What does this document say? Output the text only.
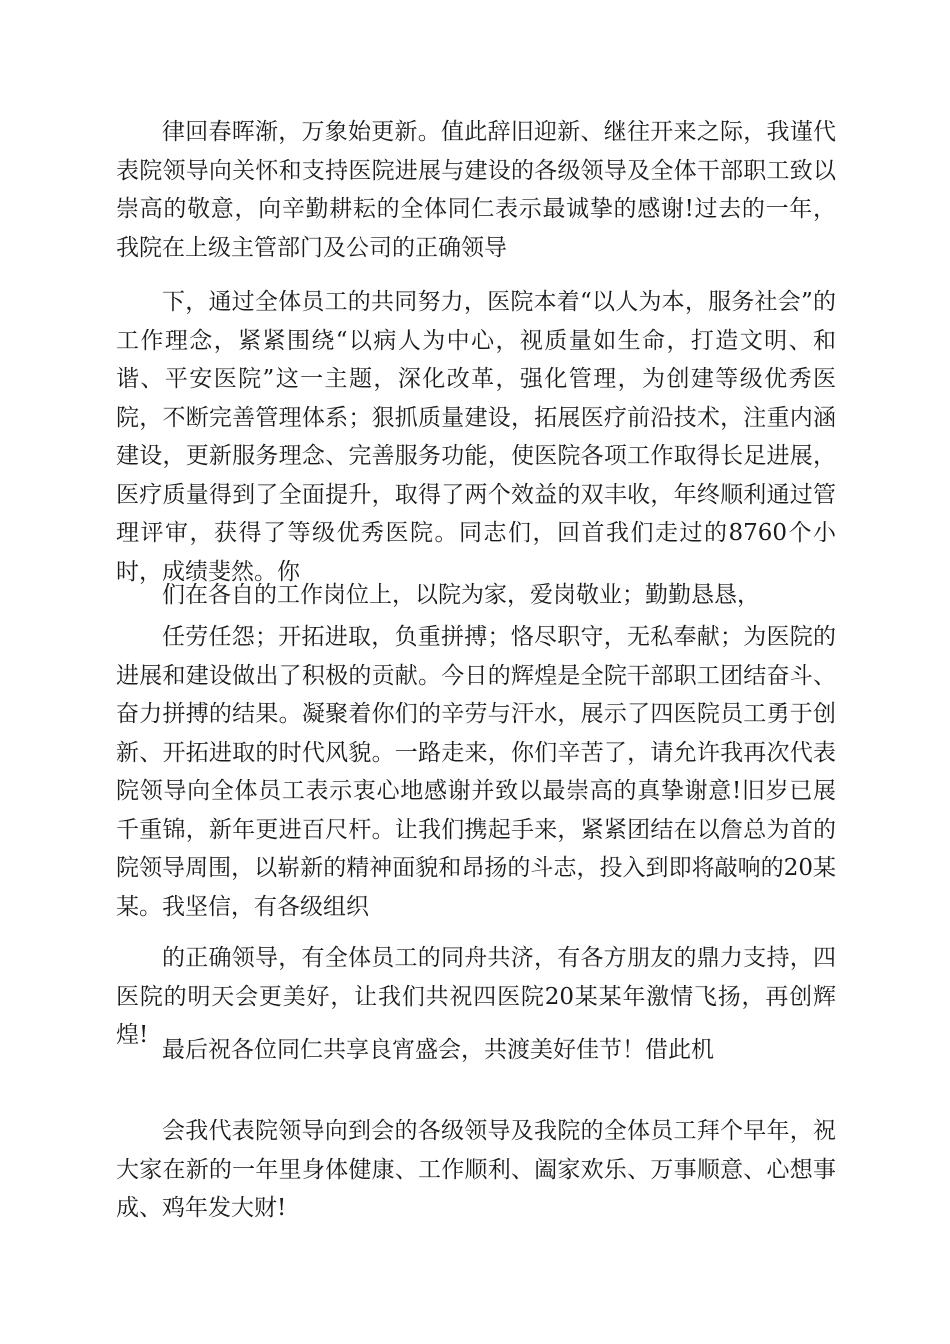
律回春晖渐，万象始更新。值此辞旧迎新、继往开来之际，我谨代表院领导向关怀和支持医院进展与建设的各级领导及全体干部职工致以崇高的敬意，向辛勤耕耘的全体同仁表示最诚挚的感谢!过去的一年，我院在上级主管部门及公司的正确领导

下，通过全体员工的共同努力，医院本着“以人为本，服务社会”的工作理念，紧紧围绕“以病人为中心，视质量如生命，打造文明、和谐、平安医院”这一主题，深化改革，强化管理，为创建等级优秀医院，不断完善管理体系；狠抓质量建设，拓展医疗前沿技术，注重内涵建设，更新服务理念、完善服务功能，使医院各项工作取得长足进展，医疗质量得到了全面提升，取得了两个效益的双丰收，年终顺利通过管理评审，获得了等级优秀医院。同志们，回首我们走过的8760个小时，成绩斐然。你

们在各自的工作岗位上，以院为家，爱岗敬业；勤勤恳恳，

任劳任怨；开拓进取，负重拼搏；恪尽职守，无私奉献；为医院的进展和建设做出了积极的贡献。今日的辉煌是全院干部职工团结奋斗、奋力拼搏的结果。凝聚着你们的辛劳与汗水，展示了四医院员工勇于创新、开拓进取的时代风貌。一路走来，你们辛苦了，请允许我再次代表院领导向全体员工表示衷心地感谢并致以最崇高的真挚谢意!旧岁已展千重锦，新年更进百尺杆。让我们携起手来，紧紧团结在以詹总为首的院领导周围，以崭新的精神面貌和昂扬的斗志，投入到即将敲响的20某某。我坚信，有各级组织

的正确领导，有全体员工的同舟共济，有各方朋友的鼎力支持，四医院的明天会更美好，让我们共祝四医院20某某年激情飞扬，再创辉煌!

最后祝各位同仁共享良宵盛会，共渡美好佳节！借此机

会我代表院领导向到会的各级领导及我院的全体员工拜个早年，祝大家在新的一年里身体健康、工作顺利、阖家欢乐、万事顺意、心想事成、鸡年发大财!
